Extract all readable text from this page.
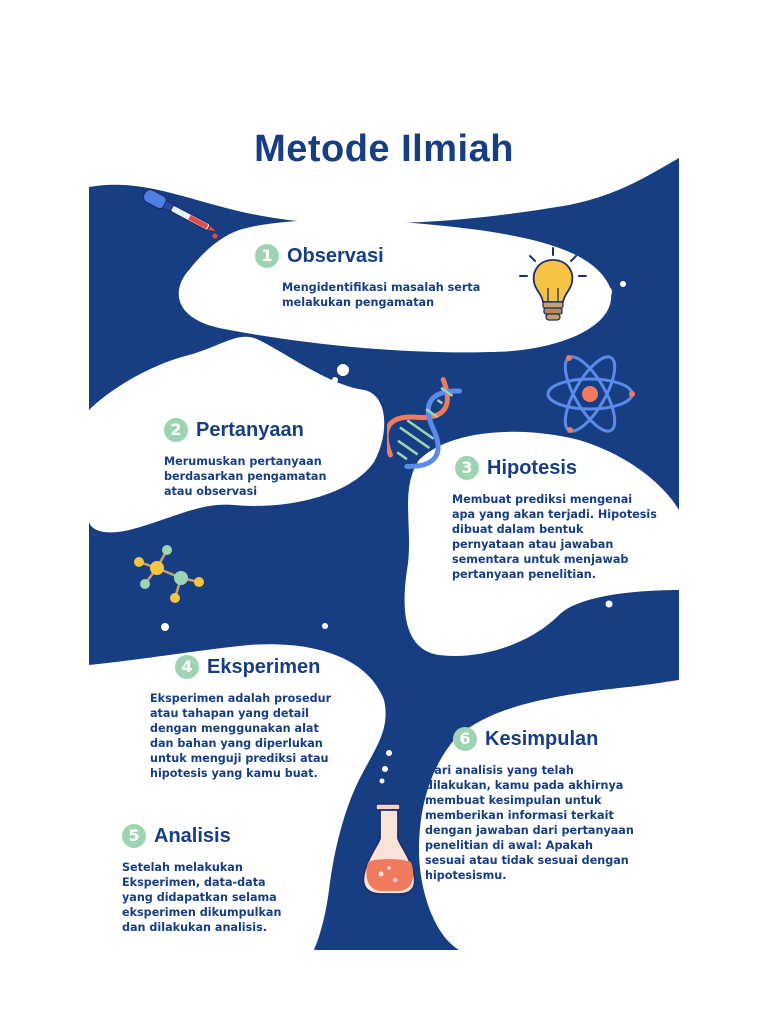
Metode Ilmiah
1 Observasi
Mengidentifikasi masalah serta melakukan pengamatan
2 Pertanyaan
Merumuskan pertanyaan berdasarkan pengamatan atau observasi
3 Hipotesis
Membuat prediksi mengenai apa yang akan terjadi. Hipotesis dibuat dalam bentuk pernyataan atau jawaban sementara untuk menjawab pertanyaan penelitian.
4 Eksperimen
Eksperimen adalah prosedur atau tahapan yang detail dengan menggunakan alat dan bahan yang diperlukan untuk menguji prediksi atau hipotesis yang kamu buat.
5 Analisis
Setelah melakukan Eksperimen, data-data yang didapatkan selama eksperimen dikumpulkan dan dilakukan analisis.
6 Kesimpulan
Dari analisis yang telah dilakukan, kamu pada akhirnya membuat kesimpulan untuk memberikan informasi terkait dengan jawaban dari pertanyaan penelitian di awal: Apakah sesuai atau tidak sesuai dengan hipotesismu.
